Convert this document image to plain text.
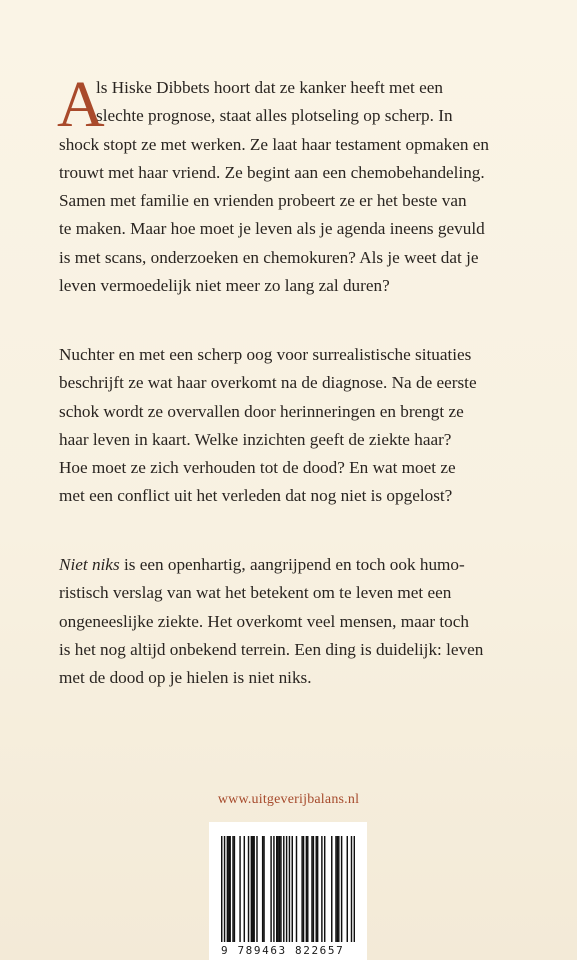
A
ls Hiske Dibbets hoort dat ze kanker heeft met een
slechte prognose, staat alles plotseling op scherp. In
shock stopt ze met werken. Ze laat haar testament opmaken en
trouwt met haar vriend. Ze begint aan een chemobehandeling.
Samen met familie en vrienden probeert ze er het beste van
te maken. Maar hoe moet je leven als je agenda ineens gevuld
is met scans, onderzoeken en chemokuren? Als je weet dat je
leven vermoedelijk niet meer zo lang zal duren?
Nuchter en met een scherp oog voor surrealistische situaties
beschrijft ze wat haar overkomt na de diagnose. Na de eerste
schok wordt ze overvallen door herinneringen en brengt ze
haar leven in kaart. Welke inzichten geeft de ziekte haar?
Hoe moet ze zich verhouden tot de dood? En wat moet ze
met een conflict uit het verleden dat nog niet is opgelost?
Niet niks is een openhartig, aangrijpend en toch ook humo-
ristisch verslag van wat het betekent om te leven met een
ongeneeslijke ziekte. Het overkomt veel mensen, maar toch
is het nog altijd onbekend terrein. Een ding is duidelijk: leven
met de dood op je hielen is niet niks.
www.uitgeverijbalans.nl
9 789463 822657
